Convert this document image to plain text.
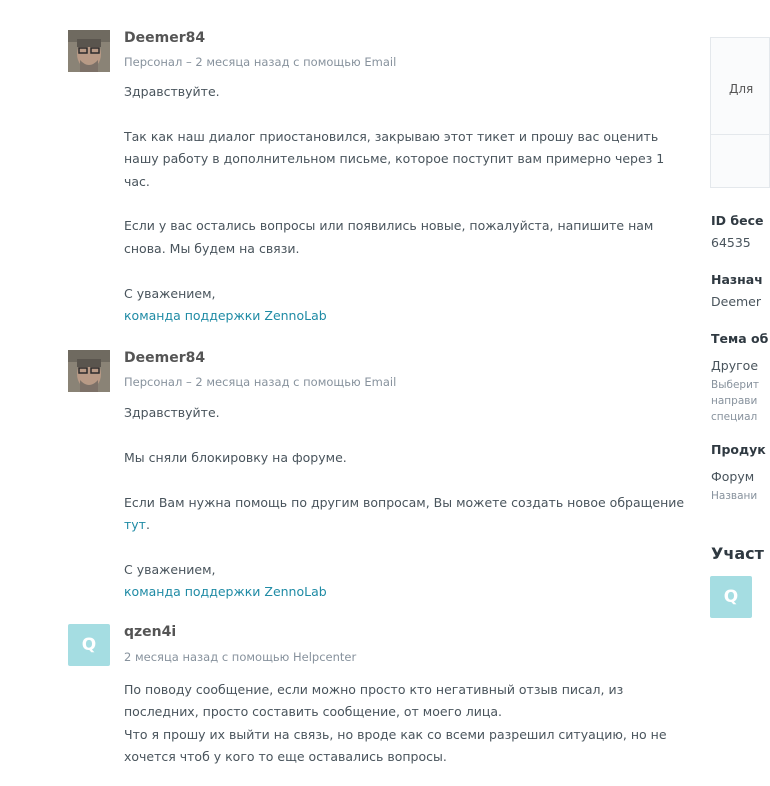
Deemer84
Персонал – 2 месяца назад с помощью Email

Здравствуйте.

Так как наш диалог приостановился, закрываю этот тикет и прошу вас оценить нашу работу в дополнительном письме, которое поступит вам примерно через 1 час.

Если у вас остались вопросы или появились новые, пожалуйста, напишите нам снова. Мы будем на связи.

С уважением,

команда поддержки ZennoLab

Deemer84
Персонал – 2 месяца назад с помощью Email

Здравствуйте.

Мы сняли блокировку на форуме.

Если Вам нужна помощь по другим вопросам, Вы можете создать новое обращение тут.

С уважением,

команда поддержки ZennoLab

Q
qzen4i
2 месяца назад с помощью Helpcenter

По поводу сообщение, если можно просто кто негативный отзыв писал, из последних, просто составить сообщение, от моего лица.

Что я прошу их выйти на связь, но вроде как со всеми разрешил ситуацию, но не хочется чтоб у кого то еще оставались вопросы.

Для
ID бесе
64535
Назнач
Deemer
Тема об
Другое
Выберит
направи
специал
Продук
Форум
Названи
Участ
Q
